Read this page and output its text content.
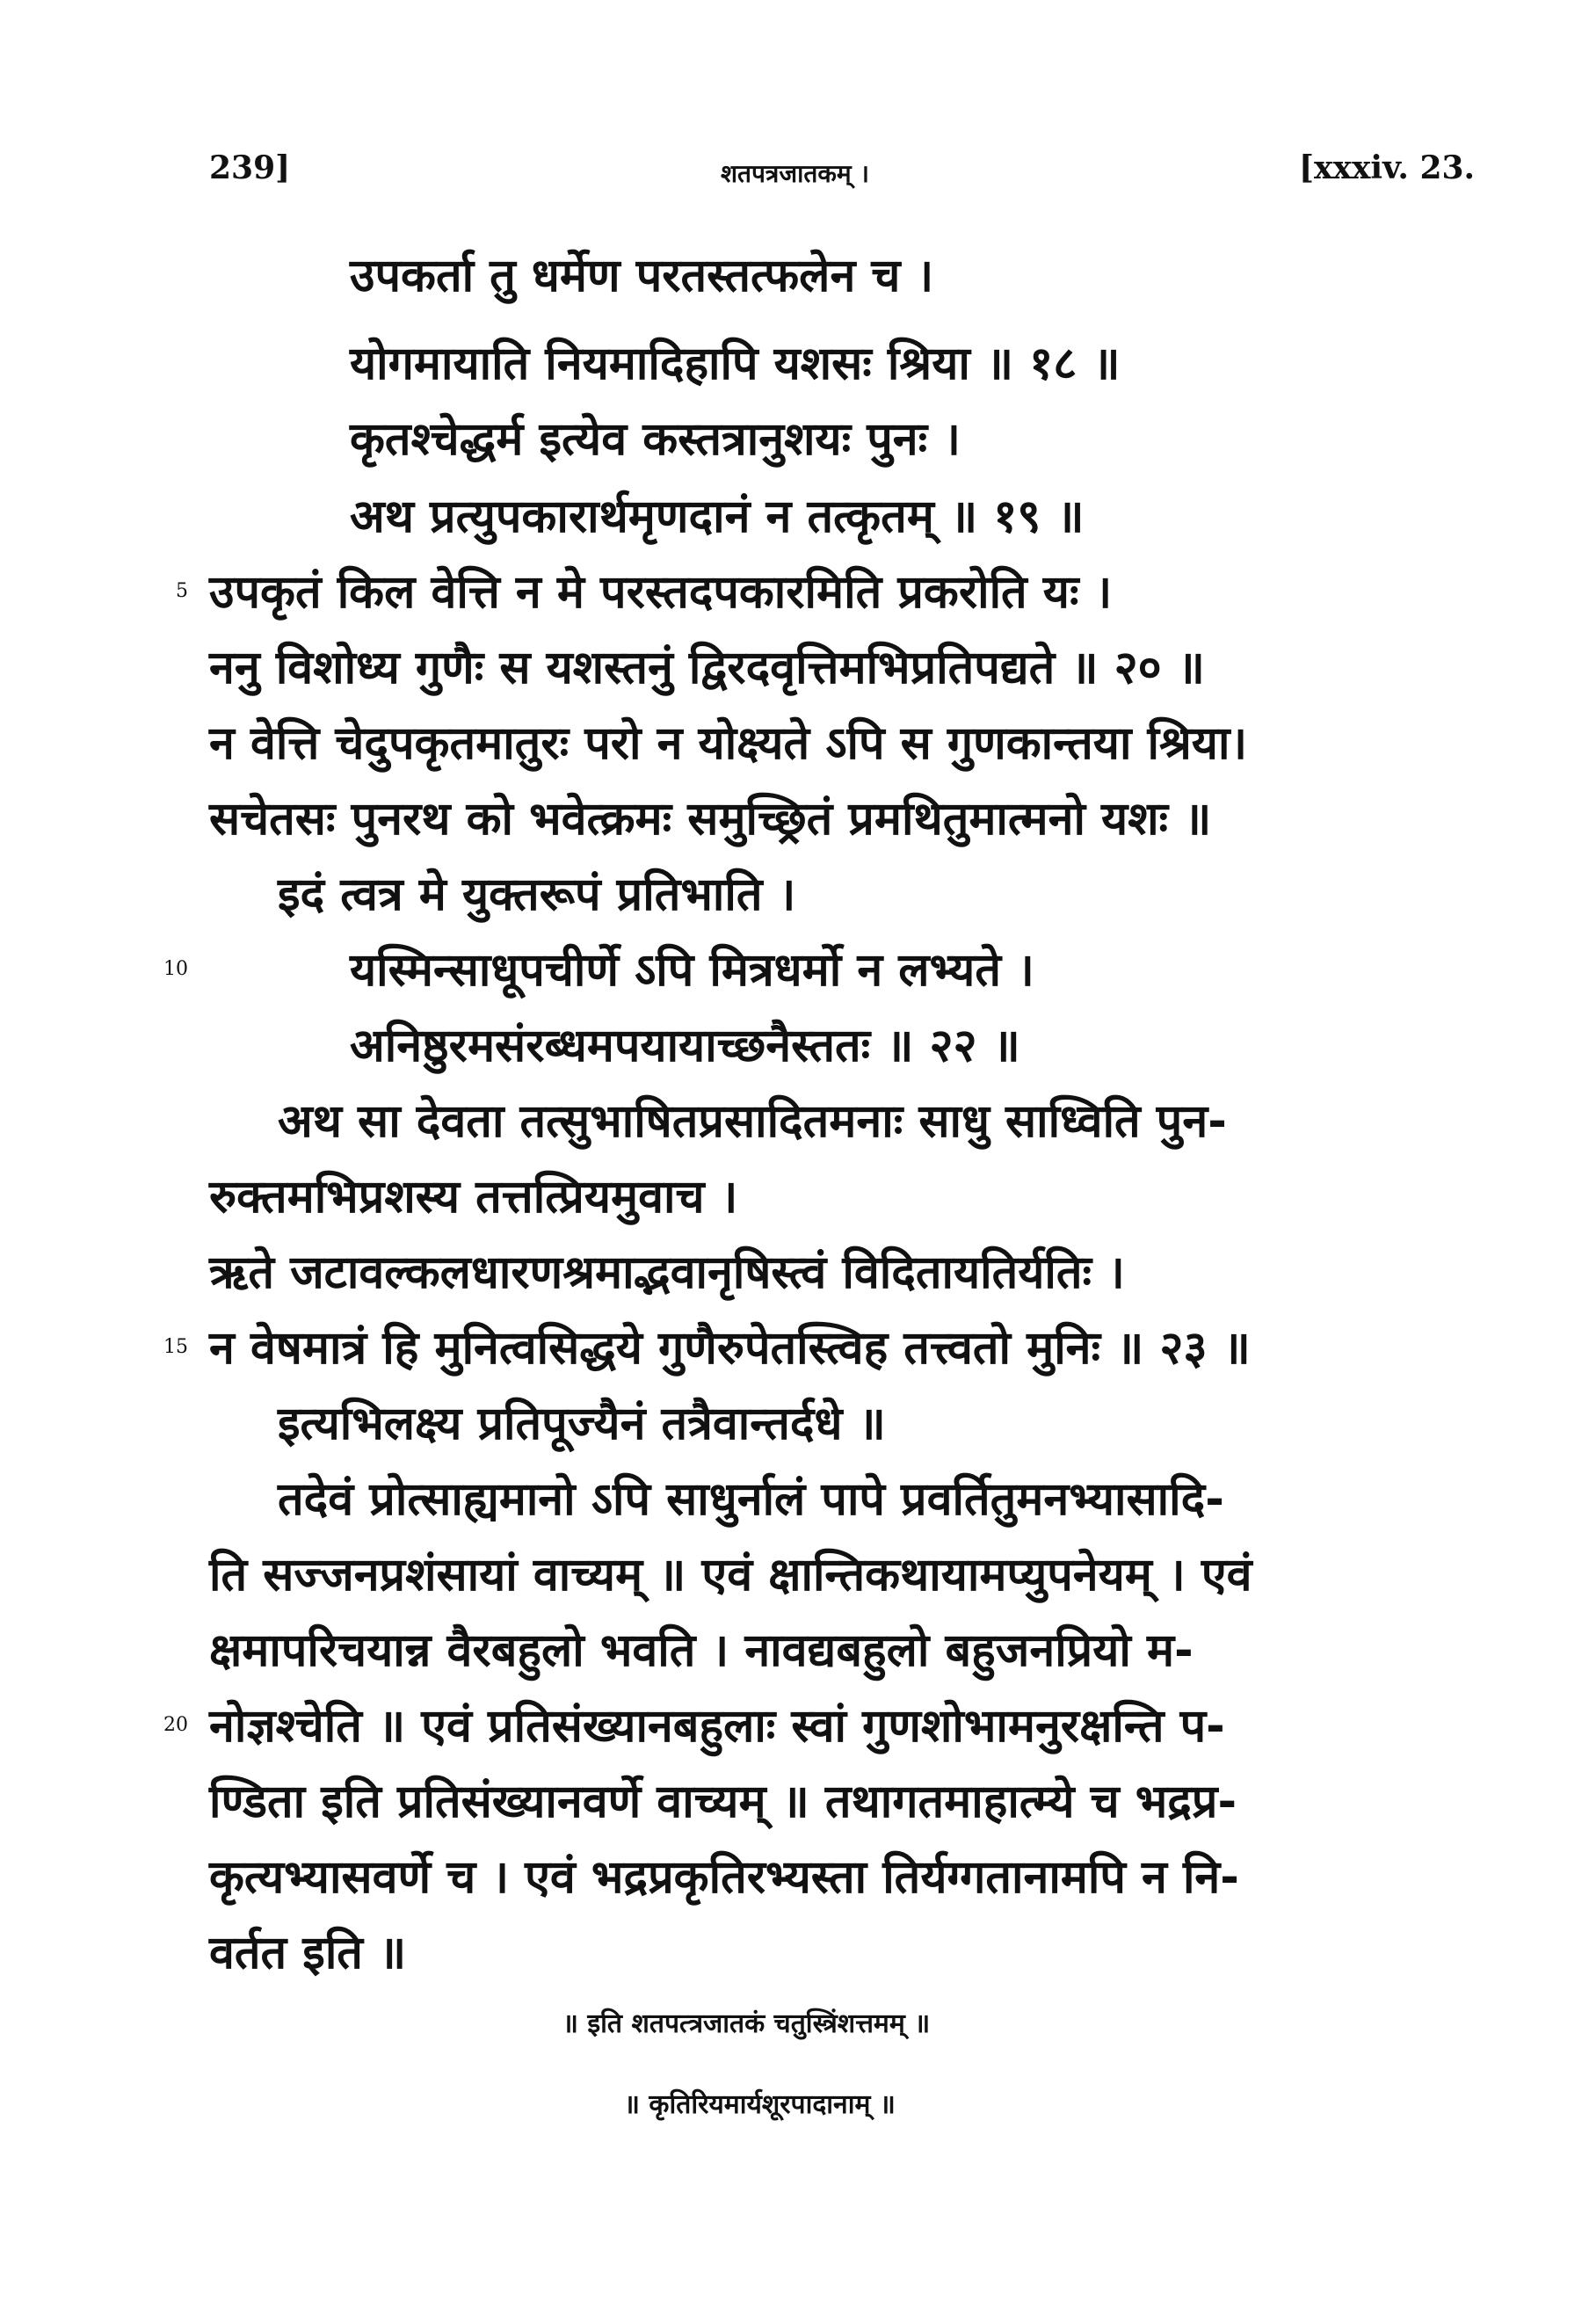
239]	शतपत्रजातकम् ।	[xxxiv. 23.
उपकर्ता तु धर्मेण परतस्तत्फलेन च ।
योगमायाति नियमादिहापि यशसः श्रिया ॥ १८ ॥
कृतश्चेद्धर्म इत्येव कस्तत्रानुशयः पुनः ।
अथ प्रत्युपकारार्थमृणदानं न तत्कृतम् ॥ १९ ॥
उपकृतं किल वेत्ति न मे परस्तदपकारमिति प्रकरोति यः ।
ननु विशोध्य गुणैः स यशस्तनुं द्विरदवृत्तिमभिप्रतिपद्यते ॥ २० ॥
न वेत्ति चेदुपकृतमातुरः परो न योक्ष्यते ऽपि स गुणकान्तया श्रिया।
सचेतसः पुनरथ को भवेत्क्रमः समुच्छ्रितं प्रमथितुमात्मनो यशः ॥
इदं त्वत्र मे युक्तरूपं प्रतिभाति ।
यस्मिन्साधूपचीर्णे ऽपि मित्रधर्मो न लभ्यते ।
अनिष्ठुरमसंरब्धमपयायाच्छनैस्ततः ॥ २२ ॥
अथ सा देवता तत्सुभाषितप्रसादितमनाः साधु साध्विति पुन-
रुक्तमभिप्रशस्य तत्तत्प्रियमुवाच ।
ऋते जटावल्कलधारणश्रमाद्भवानृषिस्त्वं विदितायतिर्यतिः ।
न वेषमात्रं हि मुनित्वसिद्धये गुणैरुपेतस्त्विह तत्त्वतो मुनिः ॥ २३ ॥
इत्यभिलक्ष्य प्रतिपूज्यैनं तत्रैवान्तर्दधे ॥
तदेवं प्रोत्साह्यमानो ऽपि साधुर्नालं पापे प्रवर्तितुमनभ्यासादि-
ति सज्जनप्रशंसायां वाच्यम् ॥ एवं क्षान्तिकथायामप्युपनेयम् । एवं
क्षमापरिचयान्न वैरबहुलो भवति । नावद्यबहुलो बहुजनप्रियो म-
नोज्ञश्चेति ॥ एवं प्रतिसंख्यानबहुलाः स्वां गुणशोभामनुरक्षन्ति प-
ण्डिता इति प्रतिसंख्यानवर्णे वाच्यम् ॥ तथागतमाहात्म्ये च भद्रप्र-
कृत्यभ्यासवर्णे च । एवं भद्रप्रकृतिरभ्यस्ता तिर्यग्गतानामपि न नि-
वर्तत इति ॥
5
10
15
20
॥ इति शतपत्त्रजातकं चतुस्त्रिंशत्तमम् ॥
॥ कृतिरियमार्यशूरपादानाम् ॥
